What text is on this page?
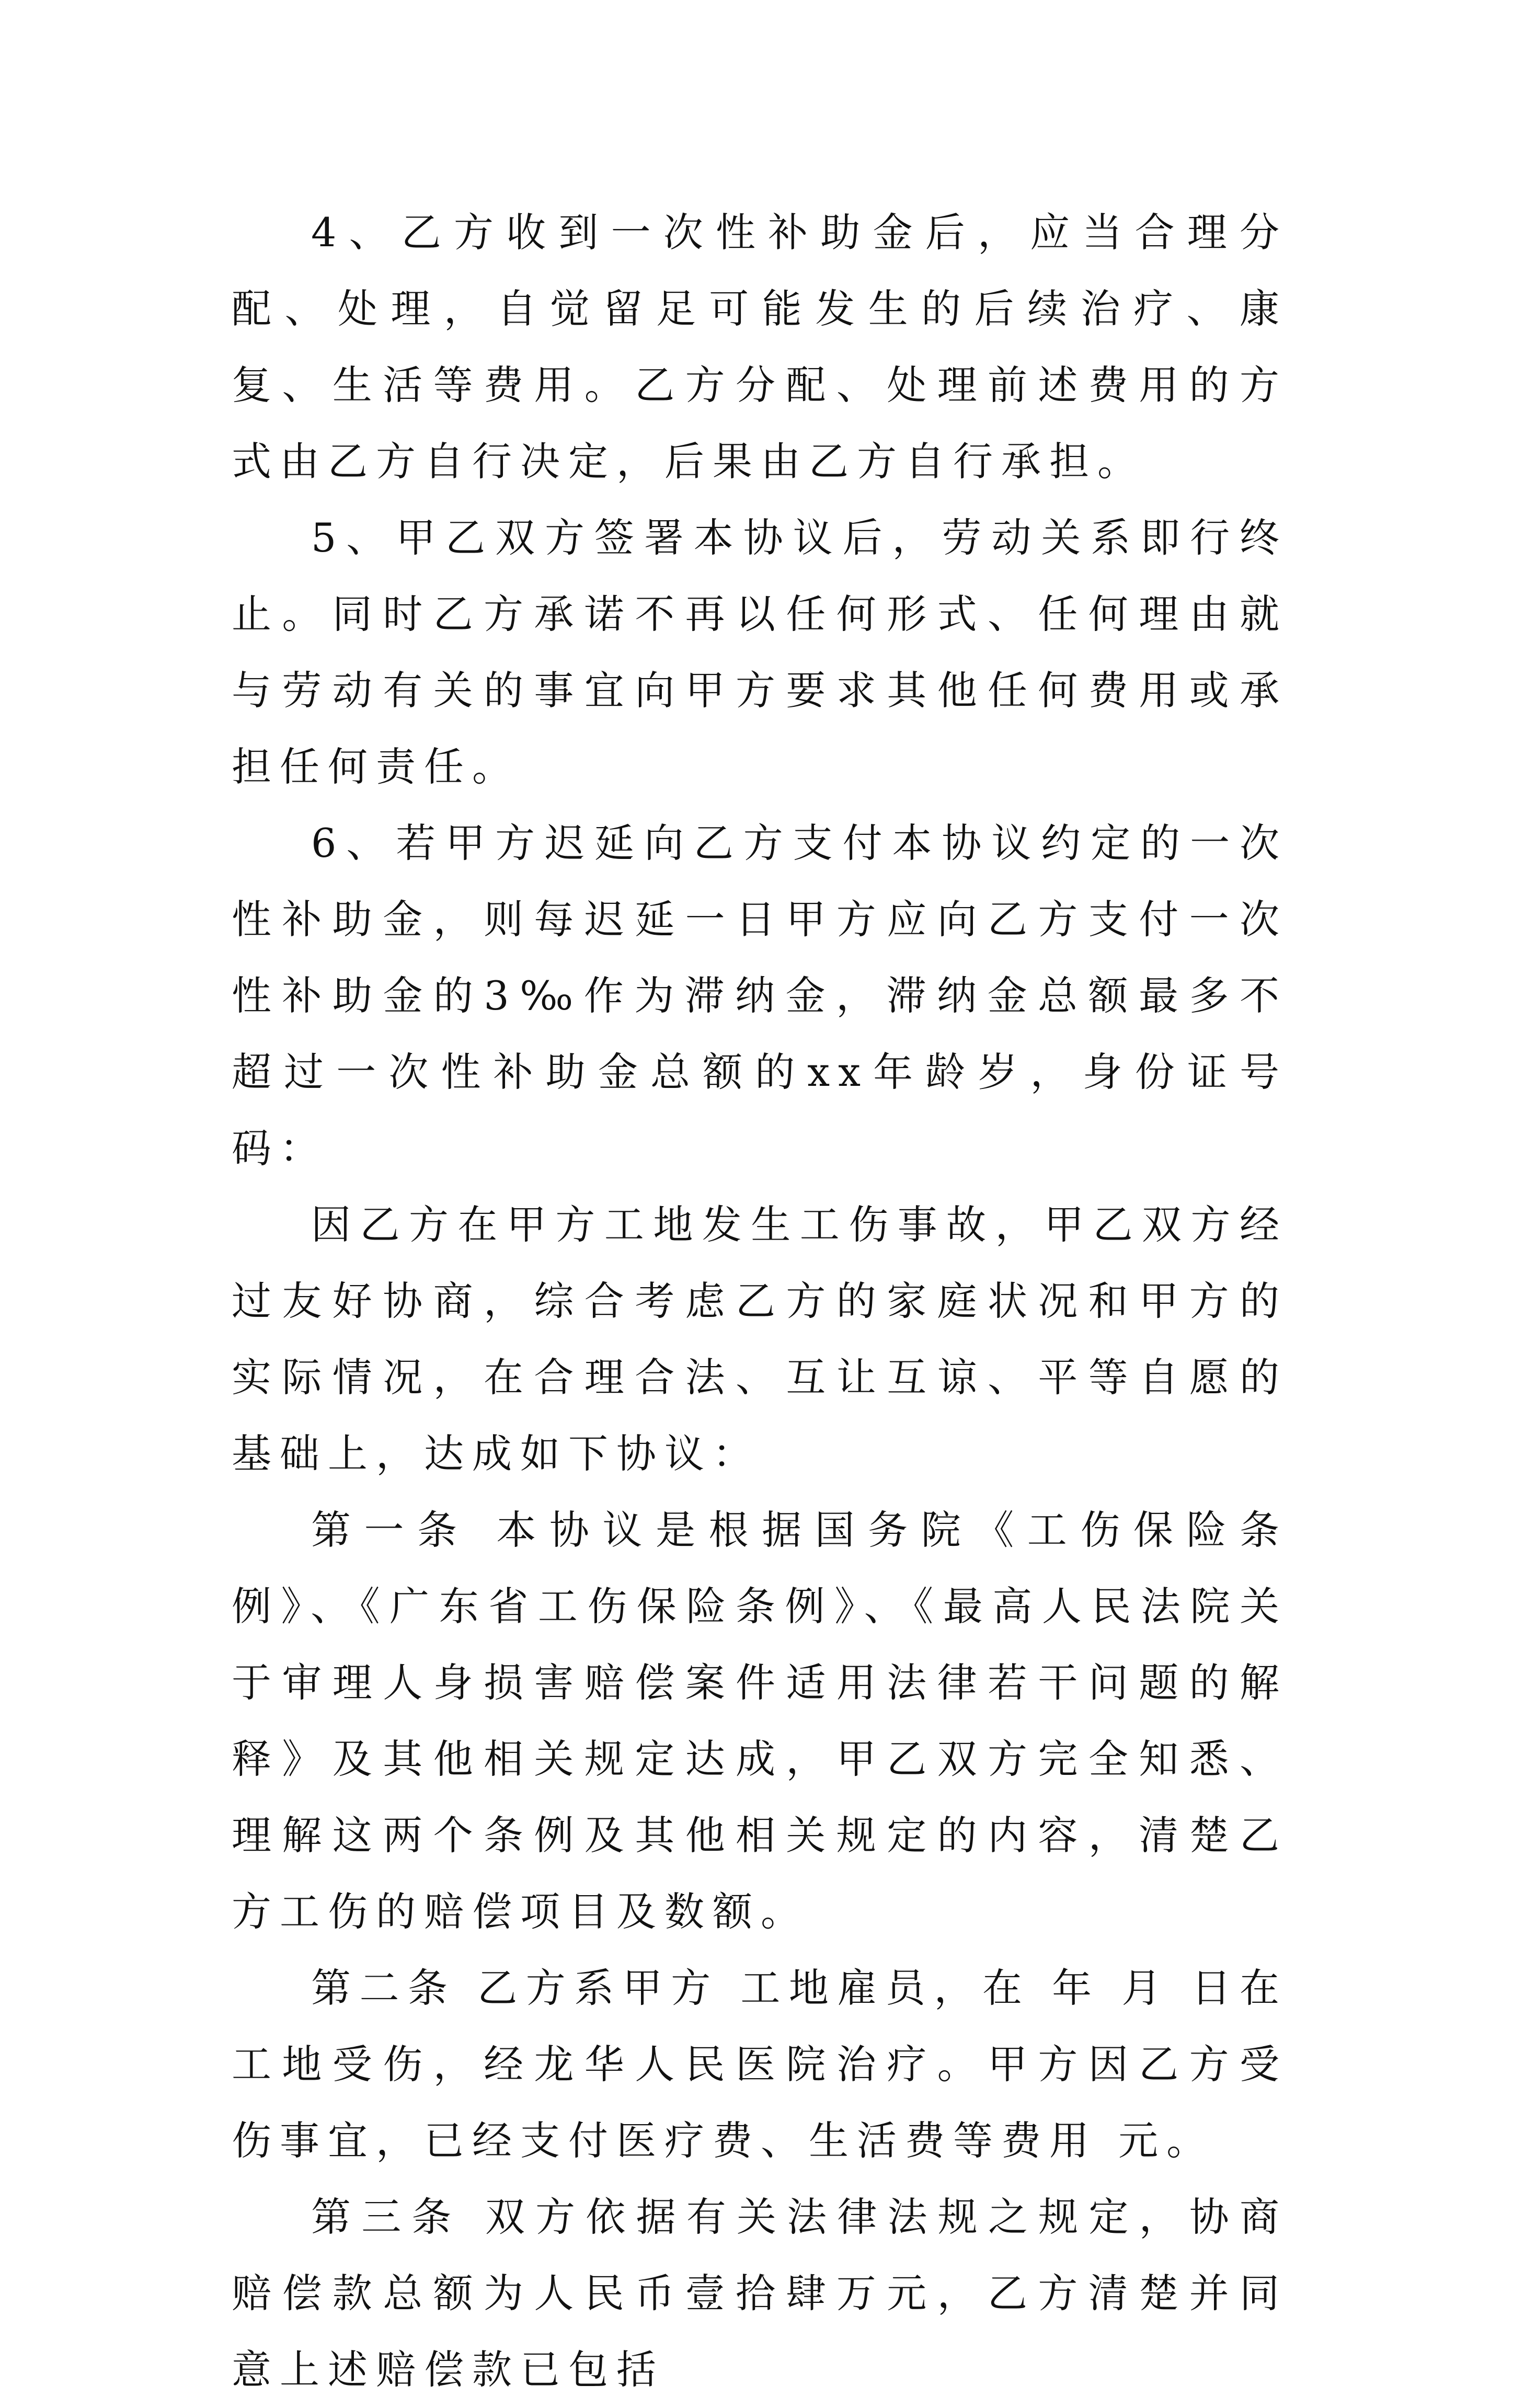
4、乙方收到一次性补助金后，应当合理分配、处理，自觉留足可能发生的后续治疗、康复、生活等费用。乙方分配、处理前述费用的方式由乙方自行决定，后果由乙方自行承担。

5、甲乙双方签署本协议后，劳动关系即行终止。同时乙方承诺不再以任何形式、任何理由就与劳动有关的事宜向甲方要求其他任何费用或承担任何责任。

6、若甲方迟延向乙方支付本协议约定的一次性补助金，则每迟延一日甲方应向乙方支付一次性补助金的3‰作为滞纳金，滞纳金总额最多不超过一次性补助金总额的xx年龄岁，身份证号码：

因乙方在甲方工地发生工伤事故，甲乙双方经过友好协商，综合考虑乙方的家庭状况和甲方的实际情况，在合理合法、互让互谅、平等自愿的基础上，达成如下协议：

第一条 本协议是根据国务院《工伤保险条例》、《广东省工伤保险条例》、《最高人民法院关于审理人身损害赔偿案件适用法律若干问题的解释》及其他相关规定达成，甲乙双方完全知悉、理解这两个条例及其他相关规定的内容，清楚乙方工伤的赔偿项目及数额。

第二条 乙方系甲方 工地雇员，在 年 月 日在工地受伤，经龙华人民医院治疗。甲方因乙方受伤事宜，已经支付医疗费、生活费等费用 元。

第三条 双方依据有关法律法规之规定，协商赔偿款总额为人民币壹拾肆万元，乙方清楚并同意上述赔偿款已包括
